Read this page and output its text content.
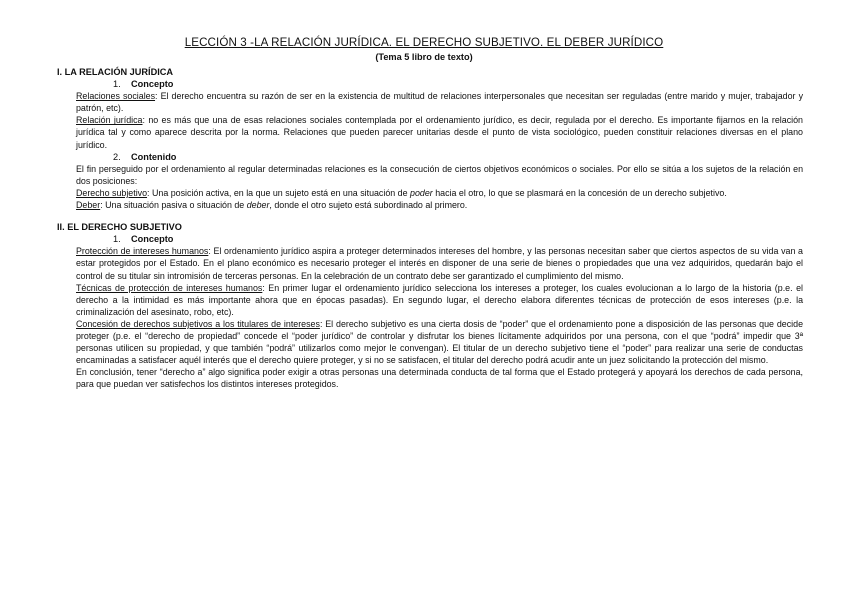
LECCIÓN 3 -LA RELACIÓN JURÍDICA. EL DERECHO SUBJETIVO. EL DEBER JURÍDICO
(Tema 5 libro de texto)
I. LA RELACIÓN JURÍDICA
1. Concepto
Relaciones sociales: El derecho encuentra su razón de ser en la existencia de multitud de relaciones interpersonales que necesitan ser reguladas (entre marido y mujer, trabajador y patrón, etc).
Relación jurídica: no es más que una de esas relaciones sociales contemplada por el ordenamiento jurídico, es decir, regulada por el derecho. Es importante fijarnos en la relación jurídica tal y como aparece descrita por la norma. Relaciones que pueden parecer unitarias desde el punto de vista sociológico, pueden constituir relaciones diversas en el plano jurídico.
2. Contenido
El fin perseguido por el ordenamiento al regular determinadas relaciones es la consecución de ciertos objetivos económicos o sociales. Por ello se sitúa a los sujetos de la relación en dos posiciones:
Derecho subjetivo: Una posición activa, en la que un sujeto está en una situación de poder hacia el otro, lo que se plasmará en la concesión de un derecho subjetivo.
Deber: Una situación pasiva o situación de deber, donde el otro sujeto está subordinado al primero.
II. EL DERECHO SUBJETIVO
1. Concepto
Protección de intereses humanos: El ordenamiento jurídico aspira a proteger determinados intereses del hombre, y las personas necesitan saber que ciertos aspectos de su vida van a estar protegidos por el Estado. En el plano económico es necesario proteger el interés en disponer de una serie de bienes o propiedades que una vez adquiridos, quedarán bajo el control de su titular sin intromisión de terceras personas. En la celebración de un contrato debe ser garantizado el cumplimiento del mismo.
Técnicas de protección de intereses humanos: En primer lugar el ordenamiento jurídico selecciona los intereses a proteger, los cuales evolucionan a lo largo de la historia (p.e. el derecho a la intimidad es más importante ahora que en épocas pasadas). En segundo lugar, el derecho elabora diferentes técnicas de protección de esos intereses (p.e. la criminalización del asesinato, robo, etc).
Concesión de derechos subjetivos a los titulares de intereses: El derecho subjetivo es una cierta dosis de “poder” que el ordenamiento pone a disposición de las personas que decide proteger (p.e. el “derecho de propiedad” concede el “poder jurídico” de controlar y disfrutar los bienes lícitamente adquiridos por una persona, con el que “podrá” impedir que 3ª personas utilicen su propiedad, y que también “podrá” utilizarlos como mejor le convengan). El titular de un derecho subjetivo tiene el “poder” para realizar una serie de conductas encaminadas a satisfacer aquél interés que el derecho quiere proteger, y si no se satisfacen, el titular del derecho podrá acudir ante un juez solicitando la protección del mismo.
En conclusión, tener “derecho a” algo significa poder exigir a otras personas una determinada conducta de tal forma que el Estado protegerá y apoyará los derechos de cada persona, para que puedan ver satisfechos los distintos intereses protegidos.
